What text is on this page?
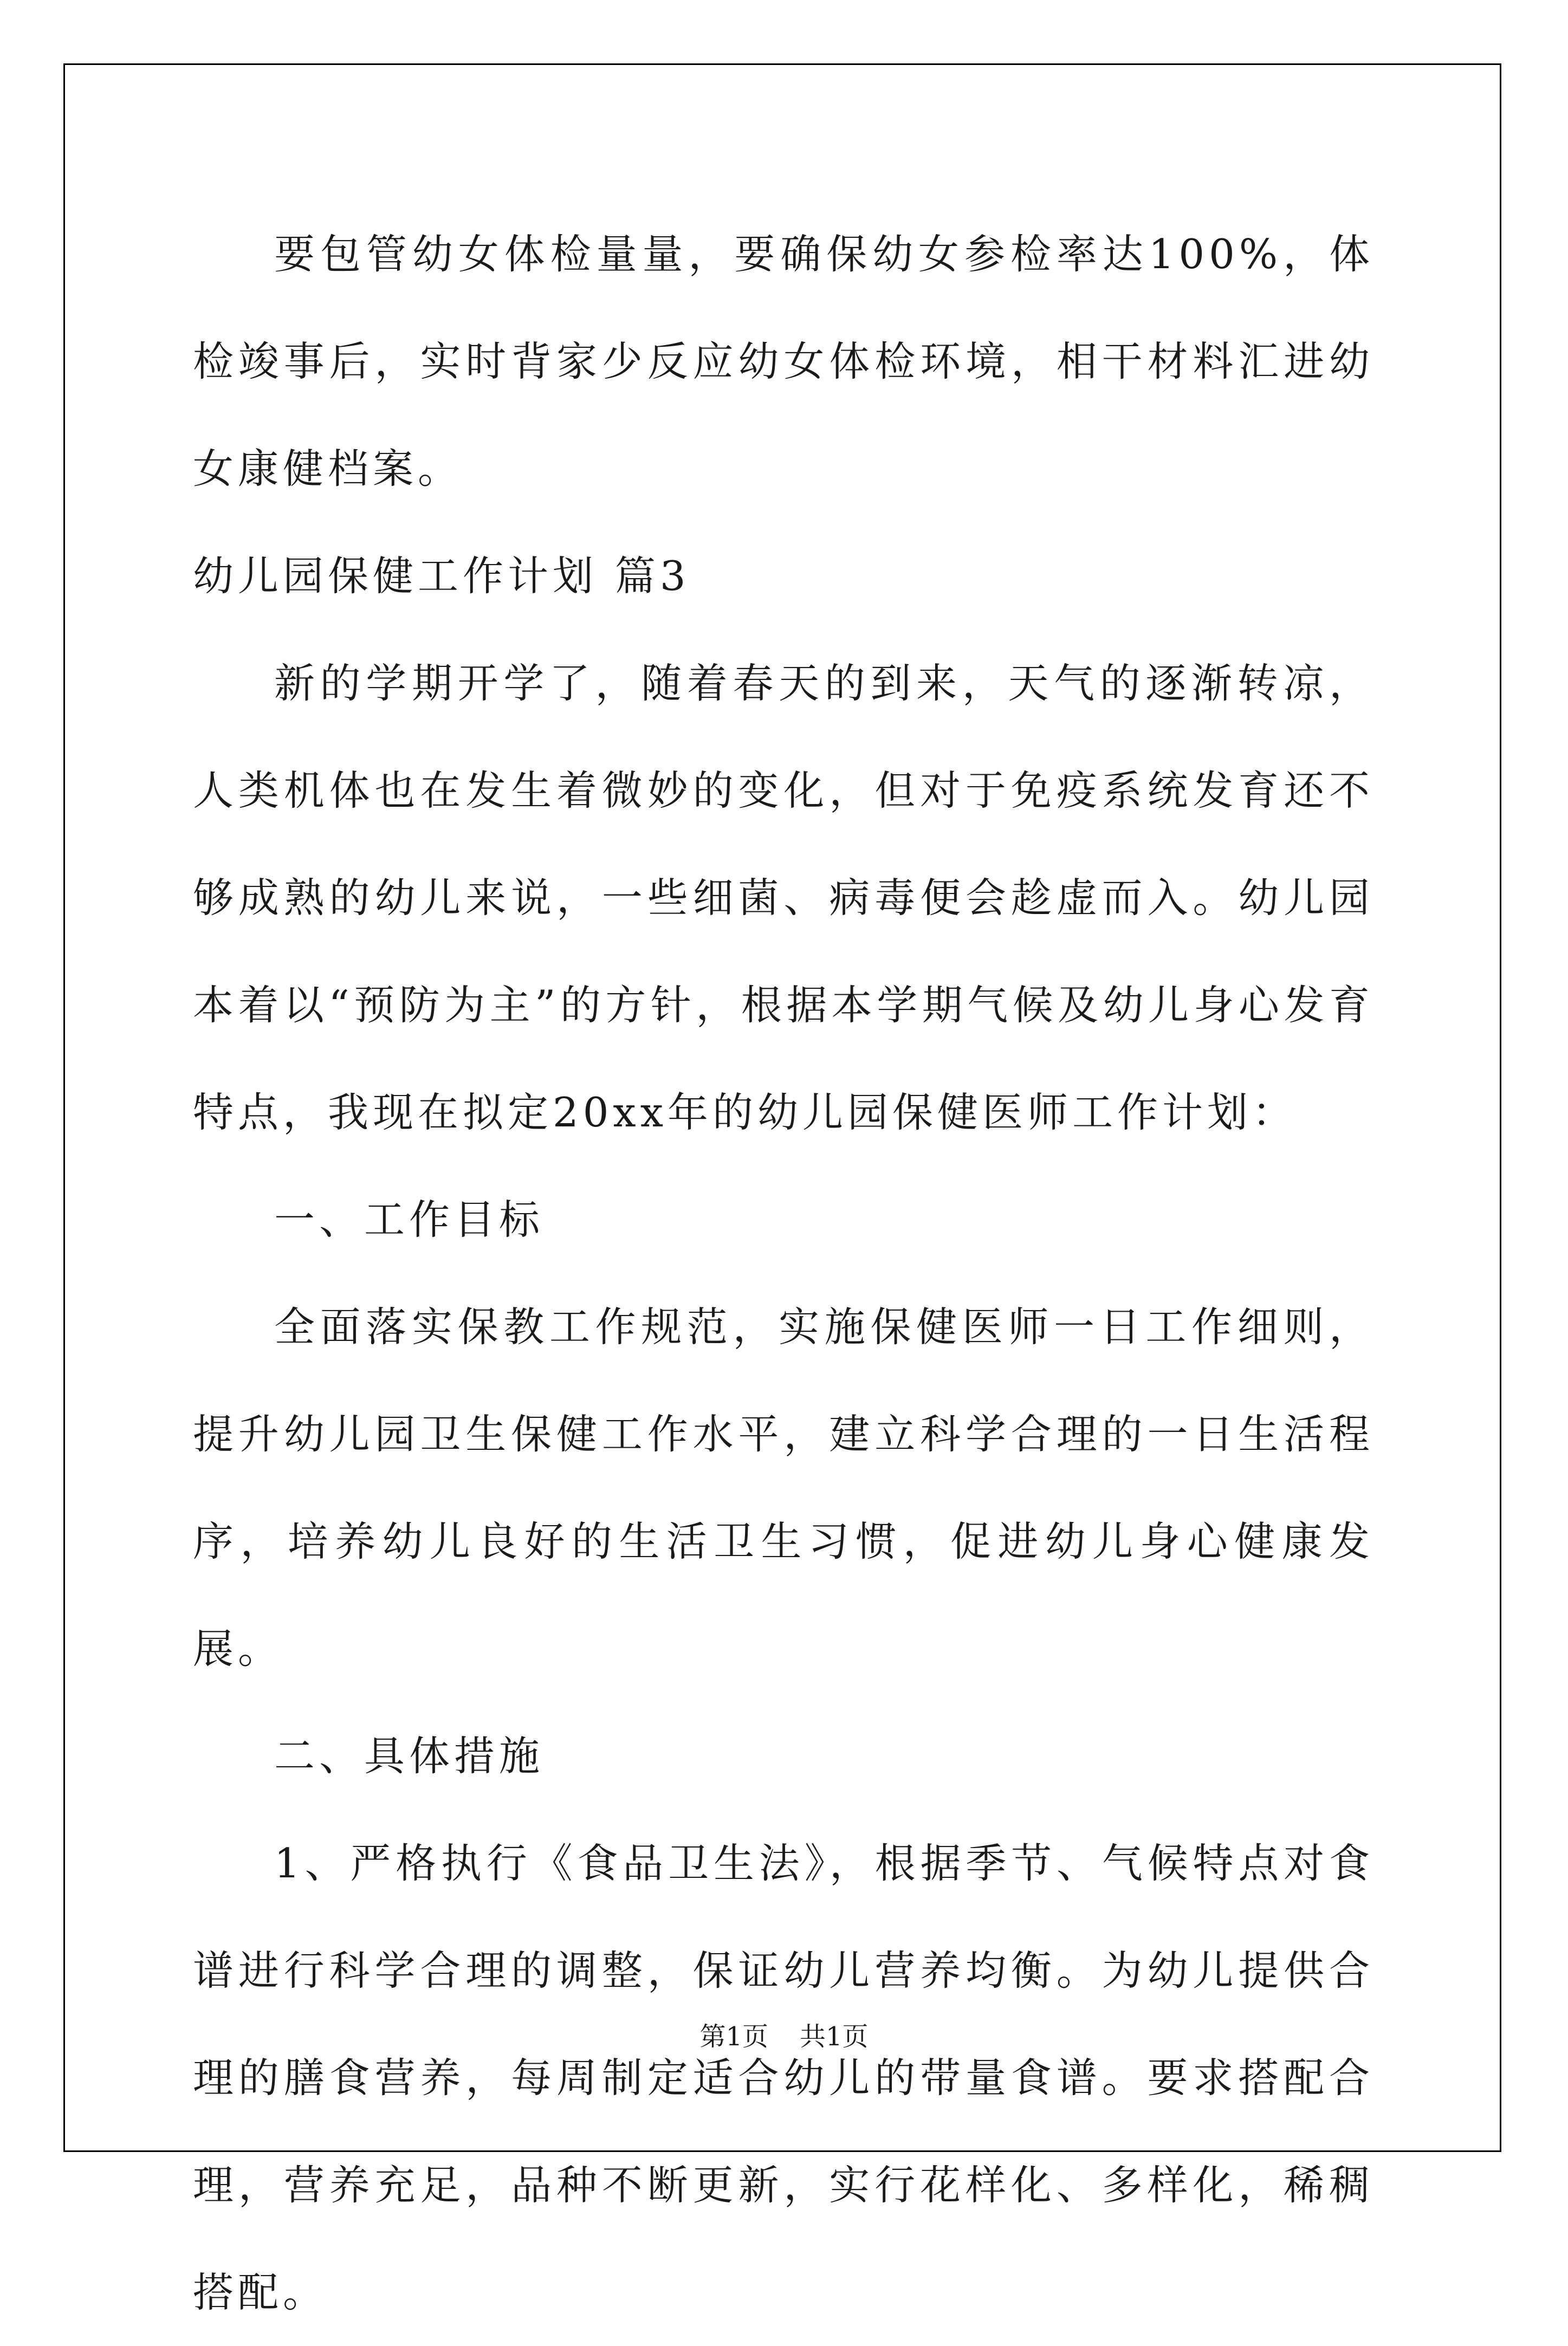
要包管幼女体检量量，要确保幼女参检率达100%，体检竣事后，实时背家少反应幼女体检环境，相干材料汇进幼女康健档案。

幼儿园保健工作计划 篇3

新的学期开学了，随着春天的到来，天气的逐渐转凉，人类机体也在发生着微妙的变化，但对于免疫系统发育还不够成熟的幼儿来说，一些细菌、病毒便会趁虚而入。幼儿园本着以“预防为主”的方针，根据本学期气候及幼儿身心发育特点，我现在拟定20xx年的幼儿园保健医师工作计划：

一、工作目标

全面落实保教工作规范，实施保健医师一日工作细则，提升幼儿园卫生保健工作水平，建立科学合理的一日生活程序，培养幼儿良好的生活卫生习惯，促进幼儿身心健康发展。

二、具体措施

1、严格执行《食品卫生法》，根据季节、气候特点对食谱进行科学合理的调整，保证幼儿营养均衡。为幼儿提供合理的膳食营养，每周制定适合幼儿的带量食谱。要求搭配合理，营养充足，品种不断更新，实行花样化、多样化，稀稠搭配。

第1页 共1页
